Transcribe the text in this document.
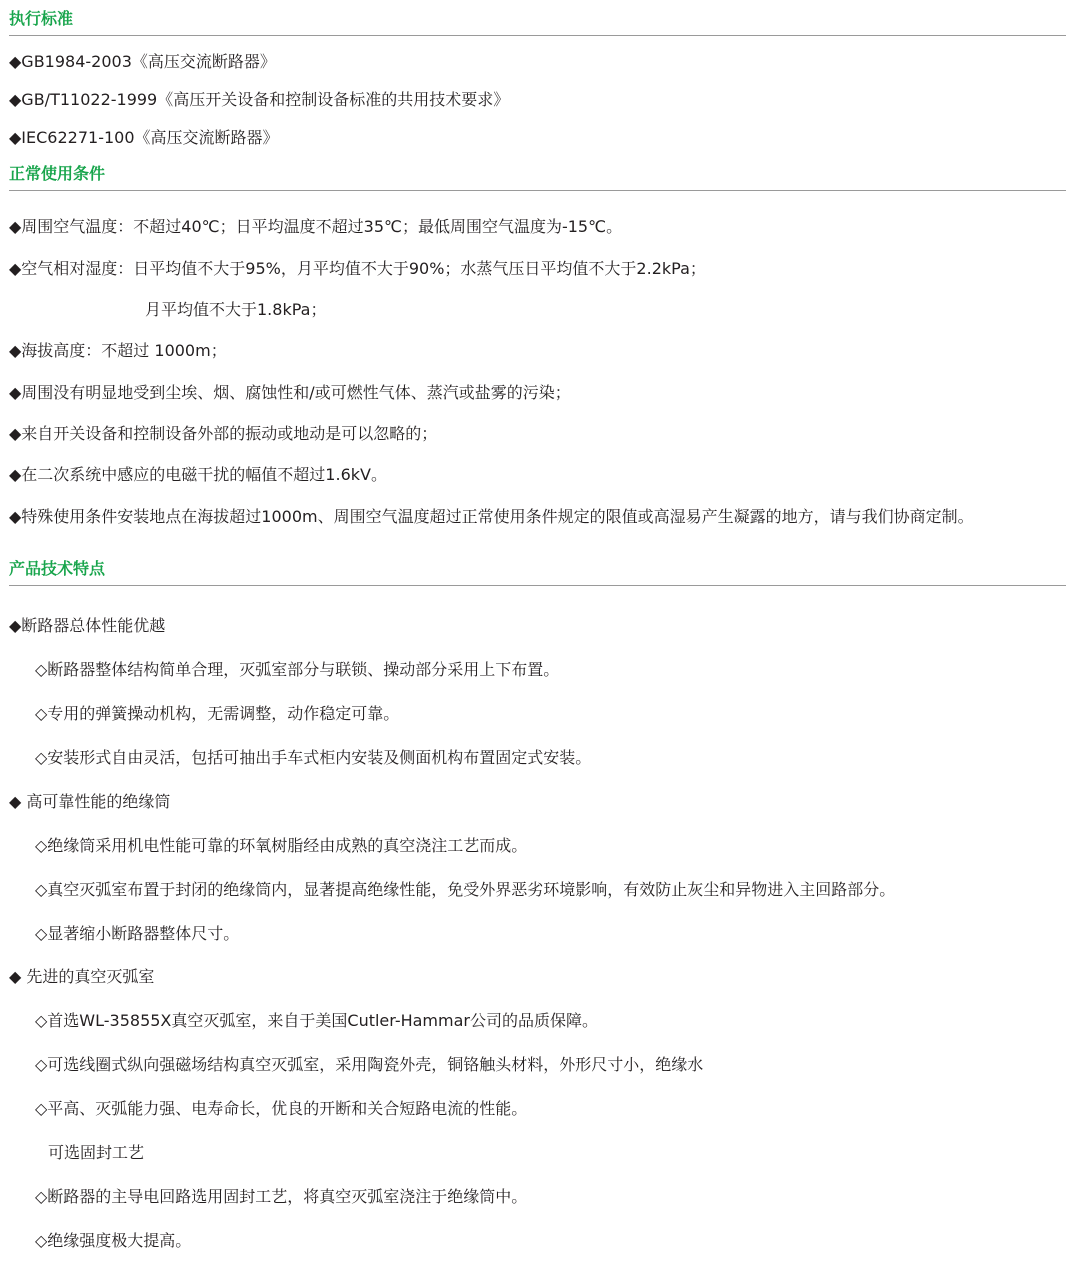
执行标准
◆GB1984-2003《高压交流断路器》
◆GB/T11022-1999《高压开关设备和控制设备标准的共用技术要求》
◆IEC62271-100《高压交流断路器》
正常使用条件
◆周围空气温度：不超过40℃；日平均温度不超过35℃；最低周围空气温度为-15℃。
◆空气相对湿度：日平均值不大于95%，月平均值不大于90%；水蒸气压日平均值不大于2.2kPa；
月平均值不大于1.8kPa；
◆海拔高度：不超过 1000m；
◆周围没有明显地受到尘埃、烟、腐蚀性和/或可燃性气体、蒸汽或盐雾的污染；
◆来自开关设备和控制设备外部的振动或地动是可以忽略的；
◆在二次系统中感应的电磁干扰的幅值不超过1.6kV。
◆特殊使用条件安装地点在海拔超过1000m、周围空气温度超过正常使用条件规定的限值或高湿易产生凝露的地方，请与我们协商定制。
产品技术特点
◆断路器总体性能优越
◇断路器整体结构简单合理，灭弧室部分与联锁、操动部分采用上下布置。
◇专用的弹簧操动机构，无需调整，动作稳定可靠。
◇安装形式自由灵活，包括可抽出手车式柜内安装及侧面机构布置固定式安装。
◆ 高可靠性能的绝缘筒
◇绝缘筒采用机电性能可靠的环氧树脂经由成熟的真空浇注工艺而成。
◇真空灭弧室布置于封闭的绝缘筒内，显著提高绝缘性能，免受外界恶劣环境影响，有效防止灰尘和异物进入主回路部分。
◇显著缩小断路器整体尺寸。
◆ 先进的真空灭弧室
◇首选WL-35855X真空灭弧室，来自于美国Cutler-Hammar公司的品质保障。
◇可选线圈式纵向强磁场结构真空灭弧室，采用陶瓷外壳，铜铬触头材料，外形尺寸小，绝缘水
◇平高、灭弧能力强、电寿命长，优良的开断和关合短路电流的性能。
可选固封工艺
◇断路器的主导电回路选用固封工艺，将真空灭弧室浇注于绝缘筒中。
◇绝缘强度极大提高。
